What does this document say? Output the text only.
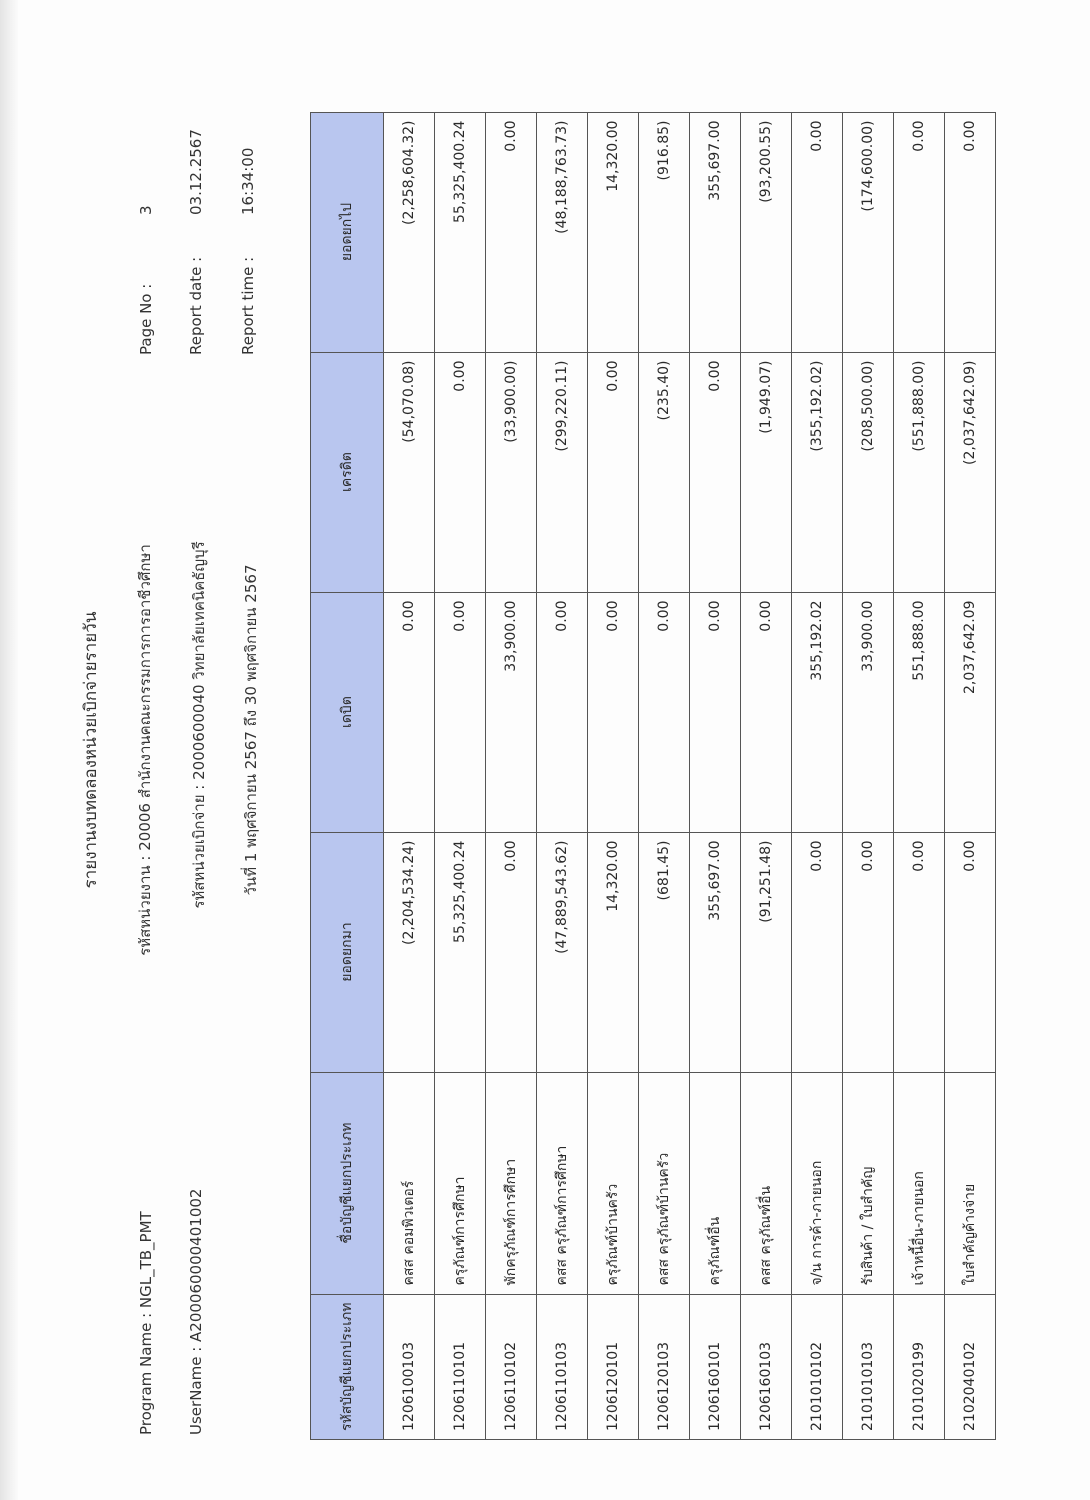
Program Name : NGL_TB_PMT UserName : A200060000401002
รายงานงบทดลองหน่วยเบิกจ่ายรายวัน รหัสหน่วยงาน : 20006 สำนักงานคณะกรรมการการอาชีวศึกษา รหัสหน่วยเบิกจ่าย : 2000600040 วิทยาลัยเทคนิคธัญบุรี วันที่ 1 พฤศจิกายน 2567 ถึง 30 พฤศจิกายน 2567
Page No :
3
Report date :
03.12.2567
Report time :
16:34:00
รหัสบัญชีแยกประเภท	ชื่อบัญชีแยกประเภท	ยอดยกมา	เดบิต	เครดิต	ยอดยกไป
1206100103	คสส คอมพิวเตอร์	(2,204,534.24)	0.00	(54,070.08)	(2,258,604.32)
1206110101	ครุภัณฑ์การศึกษา	55,325,400.24	0.00	0.00	55,325,400.24
1206110102	พักครุภัณฑ์การศึกษา	0.00	33,900.00	(33,900.00)	0.00
1206110103	คสส ครุภัณฑ์การศึกษา	(47,889,543.62)	0.00	(299,220.11)	(48,188,763.73)
1206120101	ครุภัณฑ์บ้านครัว	14,320.00	0.00	0.00	14,320.00
1206120103	คสส ครุภัณฑ์บ้านครัว	(681.45)	0.00	(235.40)	(916.85)
1206160101	ครุภัณฑ์อื่น	355,697.00	0.00	0.00	355,697.00
1206160103	คสส ครุภัณฑ์อื่น	(91,251.48)	0.00	(1,949.07)	(93,200.55)
2101010102	จ/น การค้า-ภายนอก	0.00	355,192.02	(355,192.02)	0.00
2101010103	รับสินค้า / ใบสำคัญ	0.00	33,900.00	(208,500.00)	(174,600.00)
2101020199	เจ้าหนี้อื่น-ภายนอก	0.00	551,888.00	(551,888.00)	0.00
2102040102	ใบสำคัญค้างจ่าย	0.00	2,037,642.09	(2,037,642.09)	0.00
